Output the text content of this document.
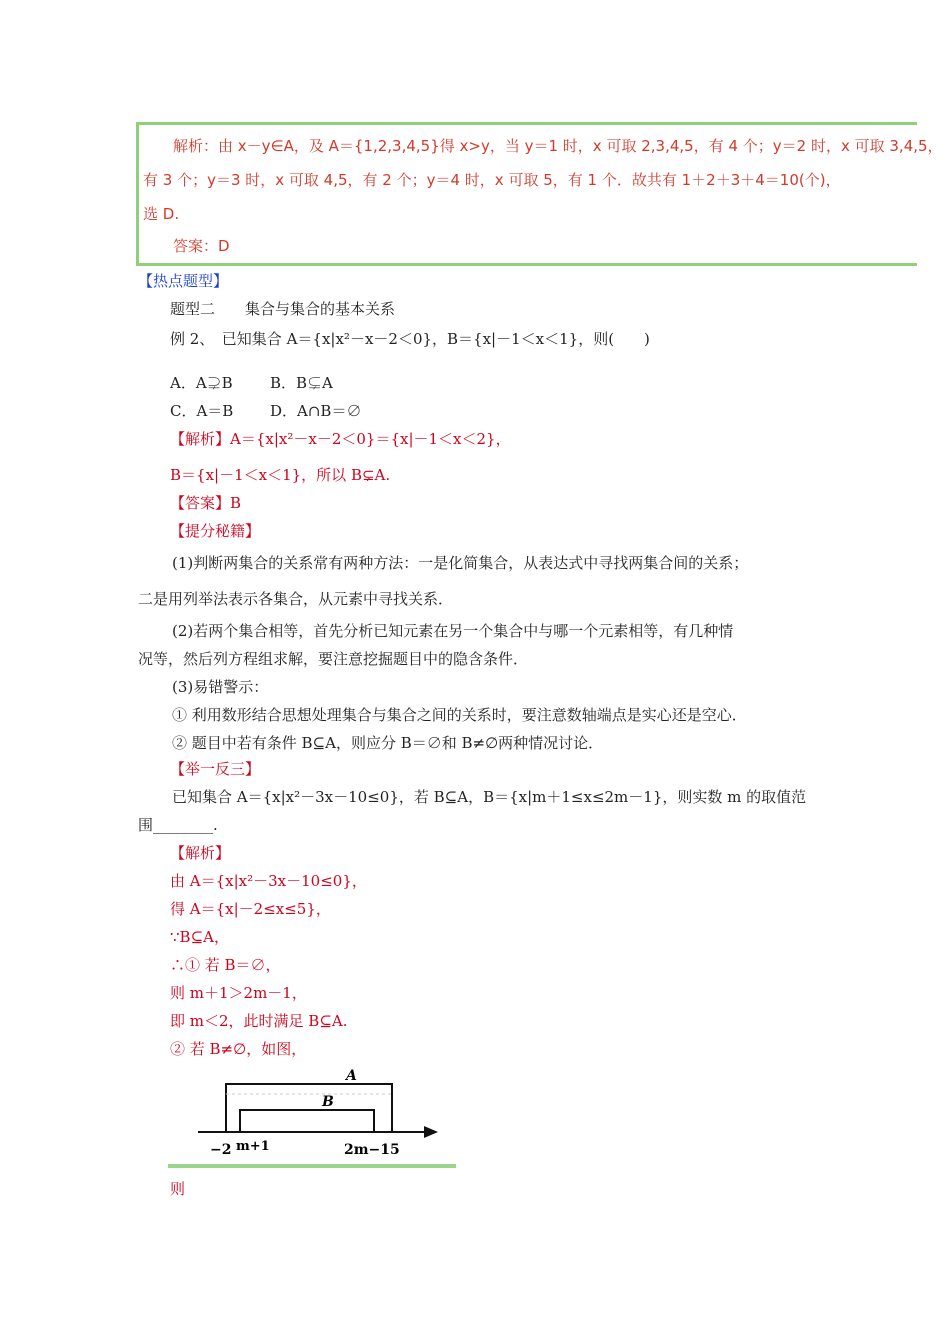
解析：由 x－y∈A，及 A＝{1,2,3,4,5}得 x>y，当 y＝1 时，x 可取 2,3,4,5，有 4 个；y＝2 时，x 可取 3,4,5，
有 3 个；y＝3 时，x 可取 4,5，有 2 个；y＝4 时，x 可取 5，有 1 个．故共有 1＋2＋3＋4＝10(个)，
选 D.
答案：D
【热点题型】
题型二　　集合与集合的基本关系
例 2、　已知集合 A＝{x|x²－x－2＜0}，B＝{x|－1＜x＜1}，则(　　)
A．A⊋B B．B⊊A
C．A＝B D．A∩B＝∅
【解析】A＝{x|x²－x－2＜0}＝{x|－1＜x＜2}，
B＝{x|－1＜x＜1}，所以 B⊊A.
【答案】B
【提分秘籍】
(1)判断两集合的关系常有两种方法：一是化简集合，从表达式中寻找两集合间的关系；
二是用列举法表示各集合，从元素中寻找关系．
(2)若两个集合相等，首先分析已知元素在另一个集合中与哪一个元素相等，有几种情
况等，然后列方程组求解，要注意挖掘题目中的隐含条件．
(3)易错警示：
① 利用数形结合思想处理集合与集合之间的关系时，要注意数轴端点是实心还是空心．
② 题目中若有条件 B⊆A，则应分 B＝∅和 B≠∅两种情况讨论．
【举一反三】
已知集合 A＝{x|x²－3x－10≤0}，若 B⊆A，B＝{x|m＋1≤x≤2m－1}，则实数 m 的取值范
围________.
【解析】
由 A＝{x|x²－3x－10≤0}，
得 A＝{x|－2≤x≤5}，
∵B⊆A，
∴① 若 B＝∅，
则 m＋1＞2m－1，
即 m＜2，此时满足 B⊆A.
② 若 B≠∅，如图，
A
B
−2 m+1	2m−1 5
则
